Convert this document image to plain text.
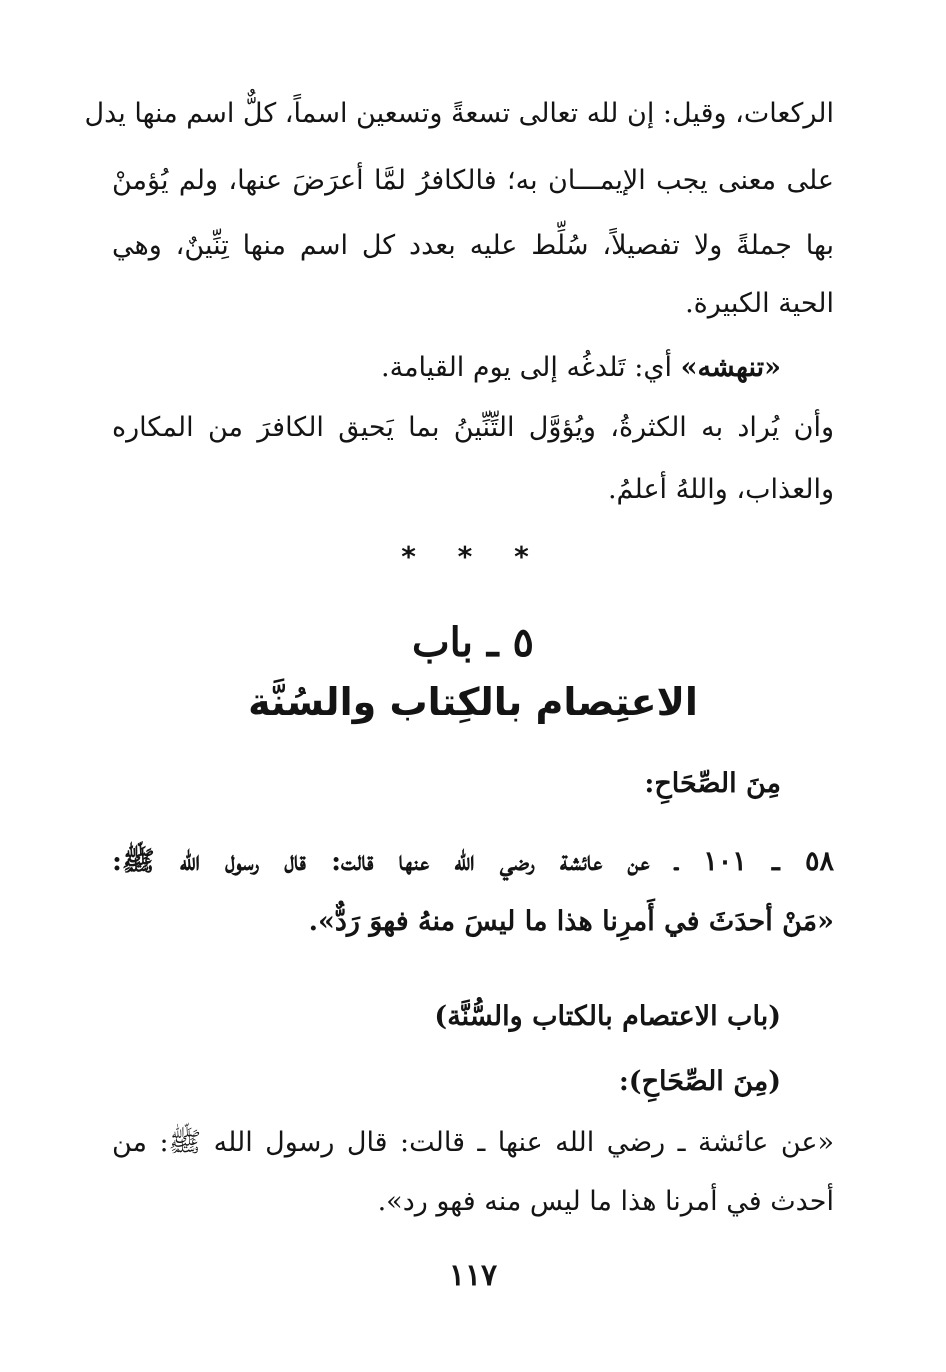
الركعات، وقيل: إن لله تعالى تسعةً وتسعين اسماً، كلٌّ اسم منها يدل
على معنى يجب الإيمـــان به؛ فالكافرُ لمَّا أعرَضَ عنها، ولم يُؤمنْ
بها جملةً ولا تفصيلاً، سُلِّط عليه بعدد كل اسم منها تِنِّينٌ، وهي
الحية الكبيرة.
«تنهشه» أي: تَلدغُه إلى يوم القيامة.
وأن يُراد به الكثرةُ، ويُؤوَّل التِّنِّينُ بما يَحيق الكافرَ من المكاره
والعذاب، واللهُ أعلمُ.
* * *
٥ ـ باب
الاعتِصام بالكِتاب والسُنَّة
مِنَ الصِّحَاحِ:
٥٨ ـ ١٠١ ـ عن عائشة رضي الله عنها قالت: قال رسول الله ﷺ:
«مَنْ أحدَثَ في أَمرِنا هذا ما ليسَ منهُ فهوَ رَدٌّ».
(باب الاعتصام بالكتاب والسُّنَّة)
(مِنَ الصِّحَاحِ):
«عن عائشة ـ رضي الله عنها ـ قالت: قال رسول الله ﷺ: من
أحدث في أمرنا هذا ما ليس منه فهو رد».
١١٧
